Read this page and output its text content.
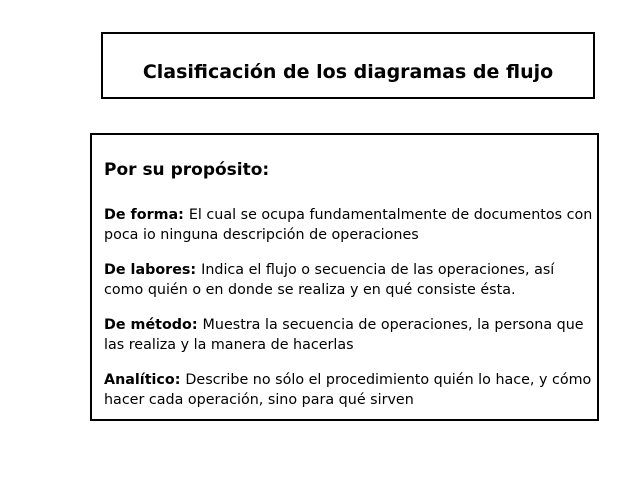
Clasificación de los diagramas de flujo
Por su propósito:
De forma: El cual se ocupa fundamentalmente de documentos con poca io ninguna descripción de operaciones
De labores: Indica el flujo o secuencia de las operaciones, así como quién o en donde se realiza y en qué consiste ésta.
De método: Muestra la secuencia de operaciones, la persona que las realiza y la manera de hacerlas
Analítico: Describe no sólo el procedimiento quién lo hace, y cómo hacer cada operación, sino para qué sirven
